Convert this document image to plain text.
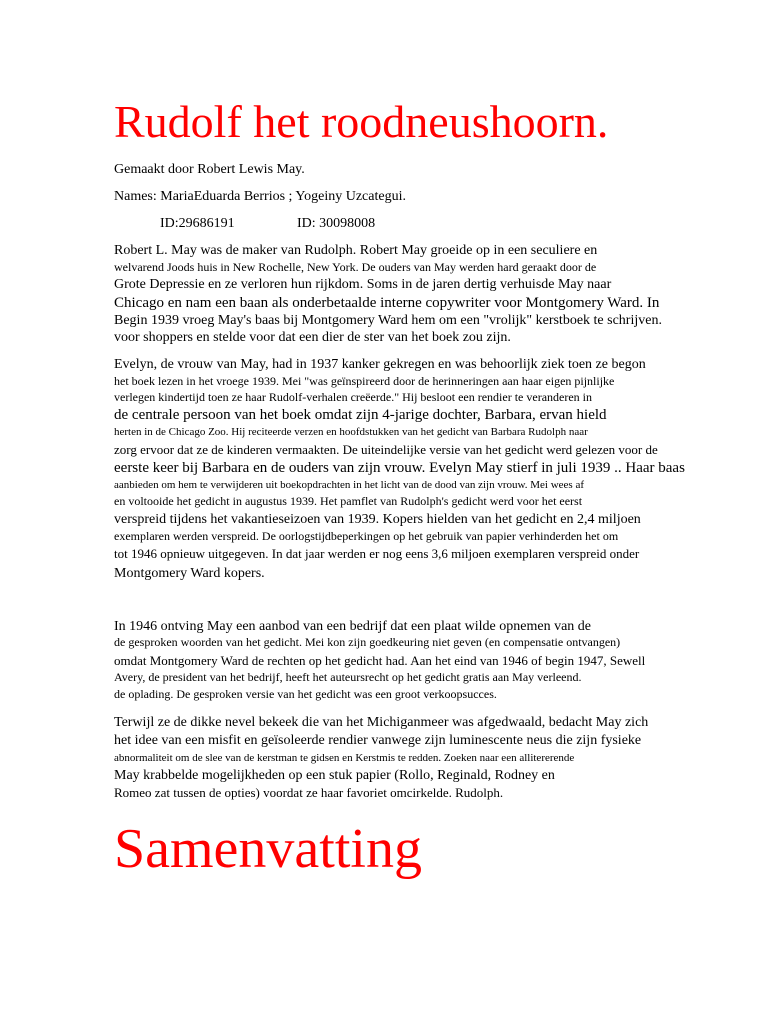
Rudolf het roodneushoorn.

Gemaakt door Robert Lewis May.

Names: MariaEduarda Berrios ; Yogeiny Uzcategui.

ID:29686191	ID: 30098008

Robert L. May was de maker van Rudolph. Robert May groeide op in een seculiere en

welvarend Joods huis in New Rochelle, New York. De ouders van May werden hard geraakt door de

Grote Depressie en ze verloren hun rijkdom. Soms in de jaren dertig verhuisde May naar

Chicago en nam een baan als onderbetaalde interne copywriter voor Montgomery Ward. In

Begin 1939 vroeg May's baas bij Montgomery Ward hem om een "vrolijk" kerstboek te schrijven.

voor shoppers en stelde voor dat een dier de ster van het boek zou zijn.

Evelyn, de vrouw van May, had in 1937 kanker gekregen en was behoorlijk ziek toen ze begon

het boek lezen in het vroege 1939. Mei "was geïnspireerd door de herinneringen aan haar eigen pijnlijke

verlegen kindertijd toen ze haar Rudolf-verhalen creëerde." Hij besloot een rendier te veranderen in

de centrale persoon van het boek omdat zijn 4-jarige dochter, Barbara, ervan hield

herten in de Chicago Zoo. Hij reciteerde verzen en hoofdstukken van het gedicht van Barbara Rudolph naar

zorg ervoor dat ze de kinderen vermaakten. De uiteindelijke versie van het gedicht werd gelezen voor de

eerste keer bij Barbara en de ouders van zijn vrouw. Evelyn May stierf in juli 1939 .. Haar baas

aanbieden om hem te verwijderen uit boekopdrachten in het licht van de dood van zijn vrouw. Mei wees af

en voltooide het gedicht in augustus 1939. Het pamflet van Rudolph's gedicht werd voor het eerst

verspreid tijdens het vakantieseizoen van 1939. Kopers hielden van het gedicht en 2,4 miljoen

exemplaren werden verspreid. De oorlogstijdbeperkingen op het gebruik van papier verhinderden het om

tot 1946 opnieuw uitgegeven. In dat jaar werden er nog eens 3,6 miljoen exemplaren verspreid onder

Montgomery Ward kopers.

In 1946 ontving May een aanbod van een bedrijf dat een plaat wilde opnemen van de

de gesproken woorden van het gedicht. Mei kon zijn goedkeuring niet geven (en compensatie ontvangen)

omdat Montgomery Ward de rechten op het gedicht had. Aan het eind van 1946 of begin 1947, Sewell

Avery, de president van het bedrijf, heeft het auteursrecht op het gedicht gratis aan May verleend.

de oplading. De gesproken versie van het gedicht was een groot verkoopsucces.

Terwijl ze de dikke nevel bekeek die van het Michiganmeer was afgedwaald, bedacht May zich

het idee van een misfit en geïsoleerde rendier vanwege zijn luminescente neus die zijn fysieke

abnormaliteit om de slee van de kerstman te gidsen en Kerstmis te redden. Zoeken naar een allitererende

May krabbelde mogelijkheden op een stuk papier (Rollo, Reginald, Rodney en

Romeo zat tussen de opties) voordat ze haar favoriet omcirkelde. Rudolph.

Samenvatting
